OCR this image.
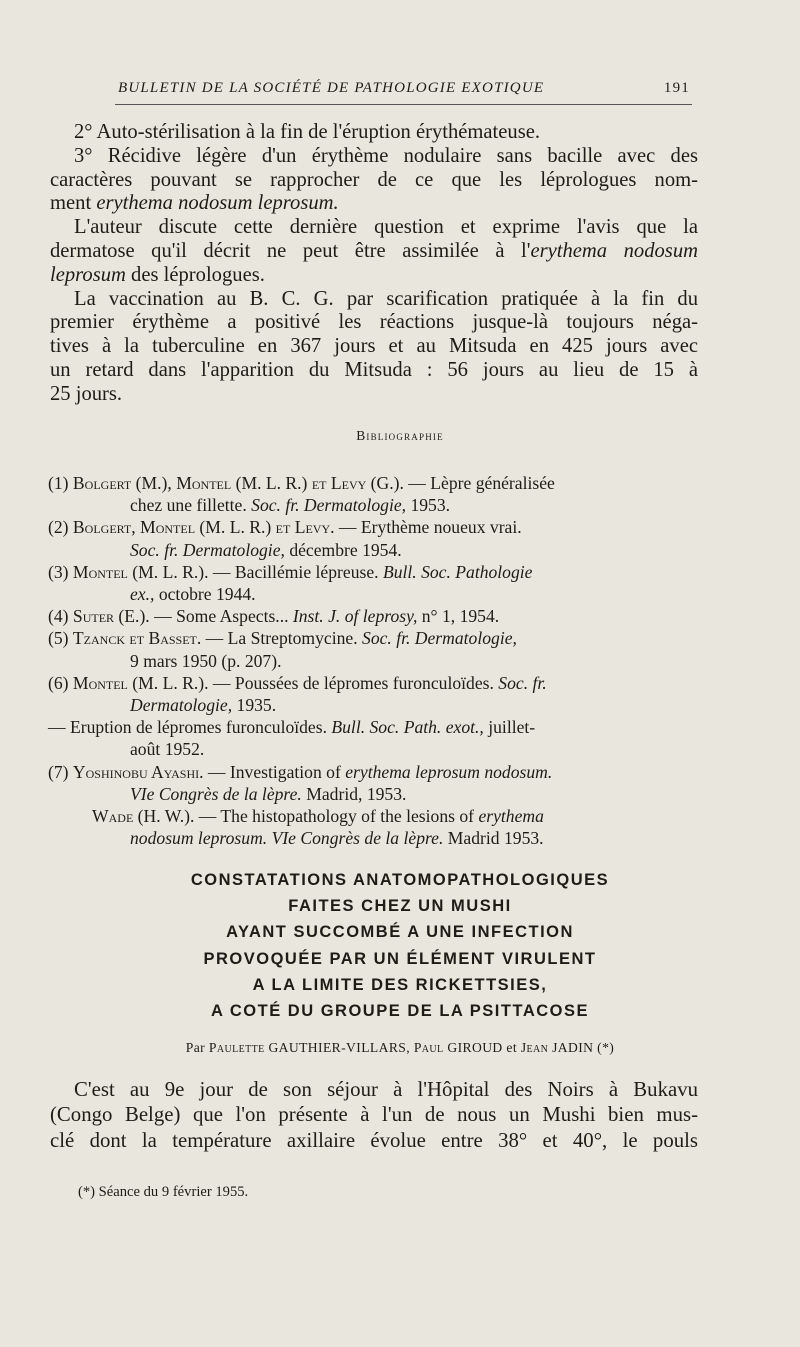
BULLETIN DE LA SOCIÉTÉ DE PATHOLOGIE EXOTIQUE	191
2° Auto-stérilisation à la fin de l'éruption érythémateuse.
3° Récidive légère d'un érythème nodulaire sans bacille avec des
caractères pouvant se rapprocher de ce que les léprologues nom-
ment erythema nodosum leprosum.
L'auteur discute cette dernière question et exprime l'avis que la
dermatose qu'il décrit ne peut être assimilée à l'erythema nodosum
leprosum des léprologues.
La vaccination au B. C. G. par scarification pratiquée à la fin du
premier érythème a positivé les réactions jusque-là toujours néga-
tives à la tuberculine en 367 jours et au Mitsuda en 425 jours avec
un retard dans l'apparition du Mitsuda : 56 jours au lieu de 15 à
25 jours.
Bibliographie
(1) Bolgert (M.), Montel (M. L. R.) et Levy (G.). — Lèpre généralisée
chez une fillette. Soc. fr. Dermatologie, 1953.
(2) Bolgert, Montel (M. L. R.) et Levy. — Erythème noueux vrai.
Soc. fr. Dermatologie, décembre 1954.
(3) Montel (M. L. R.). — Bacillémie lépreuse. Bull. Soc. Pathologie
ex., octobre 1944.
(4) Suter (E.). — Some Aspects... Inst. J. of leprosy, n° 1, 1954.
(5) Tzanck et Basset. — La Streptomycine. Soc. fr. Dermatologie,
9 mars 1950 (p. 207).
(6) Montel (M. L. R.). — Poussées de lépromes furonculoïdes. Soc. fr.
Dermatologie, 1935.
— Eruption de lépromes furonculoïdes. Bull. Soc. Path. exot., juillet-
août 1952.
(7) Yoshinobu Ayashi. — Investigation of erythema leprosum nodosum.
VIe Congrès de la lèpre. Madrid, 1953.
Wade (H. W.). — The histopathology of the lesions of erythema
nodosum leprosum. VIe Congrès de la lèpre. Madrid 1953.
CONSTATATIONS ANATOMOPATHOLOGIQUES
FAITES CHEZ UN MUSHI
AYANT SUCCOMBÉ A UNE INFECTION
PROVOQUÉE PAR UN ÉLÉMENT VIRULENT
A LA LIMITE DES RICKETTSIES,
A COTÉ DU GROUPE DE LA PSITTACOSE
Par Paulette GAUTHIER-VILLARS, Paul GIROUD et Jean JADIN (*)
C'est au 9e jour de son séjour à l'Hôpital des Noirs à Bukavu
(Congo Belge) que l'on présente à l'un de nous un Mushi bien mus-
clé dont la température axillaire évolue entre 38° et 40°, le pouls
(*) Séance du 9 février 1955.
